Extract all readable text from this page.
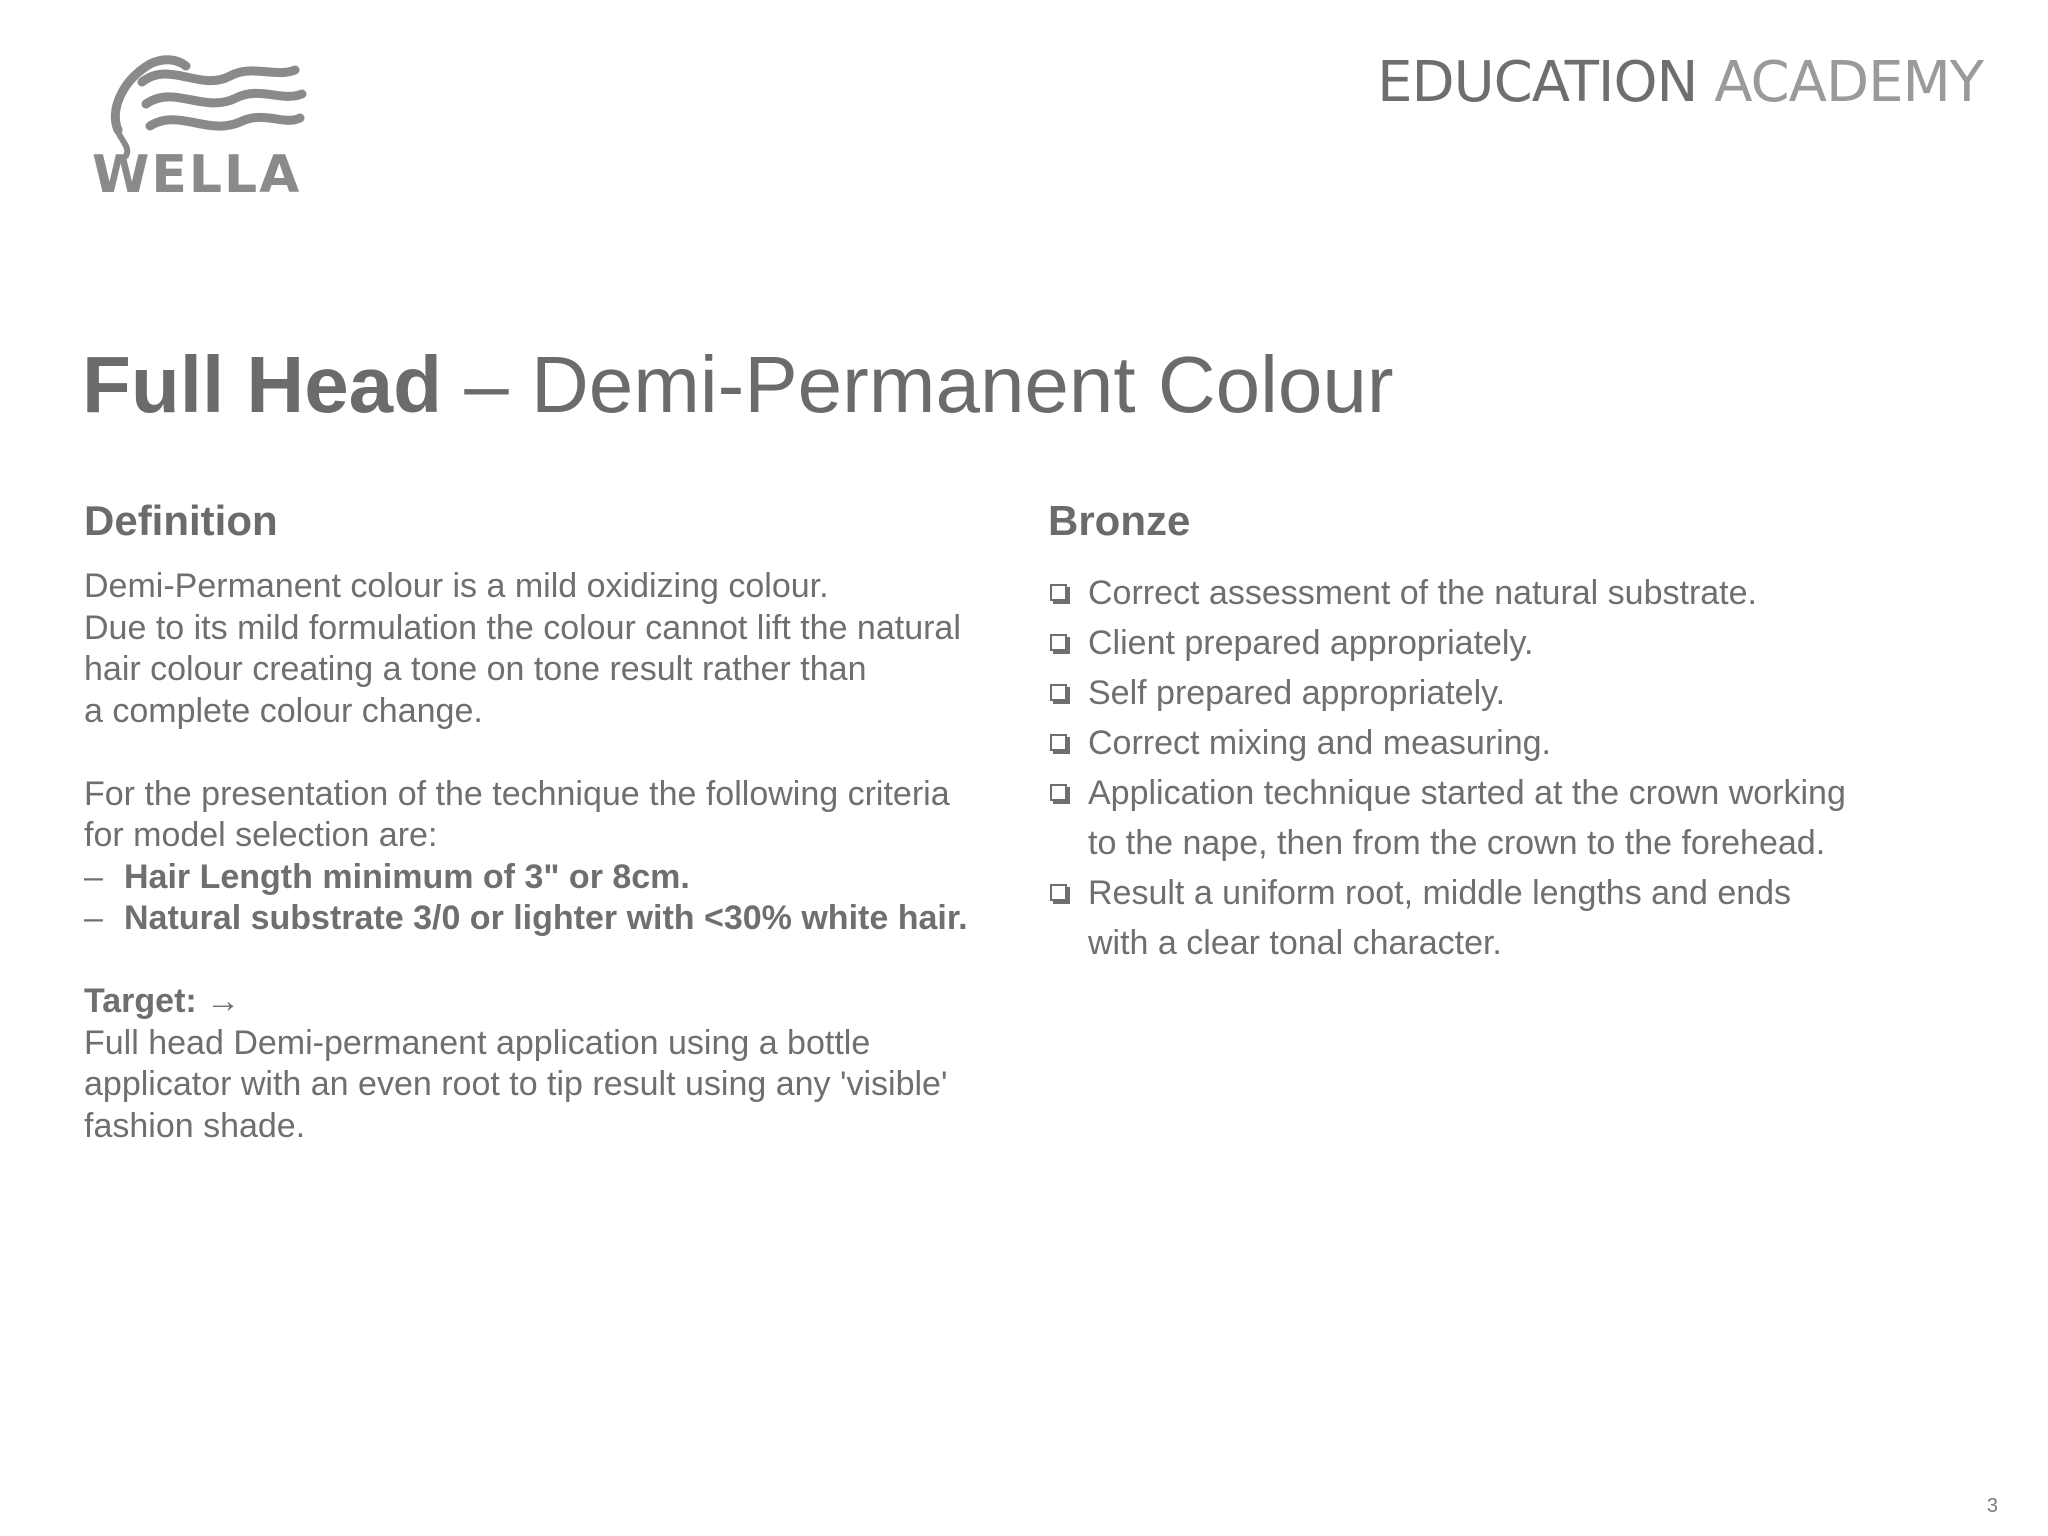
WELLA
EDUCATION ACADEMY
Full Head – Demi-Permanent Colour
Definition
Demi-Permanent colour is a mild oxidizing colour.
Due to its mild formulation the colour cannot lift the natural
hair colour creating a tone on tone result rather than
a complete colour change.
For the presentation of the technique the following criteria
for model selection are:
– Hair Length minimum of 3" or 8cm.
– Natural substrate 3/0 or lighter with <30% white hair.
Target: →
Full head Demi-permanent application using a bottle
applicator with an even root to tip result using any 'visible'
fashion shade.
Bronze
Correct assessment of the natural substrate.
Client prepared appropriately.
Self prepared appropriately.
Correct mixing and measuring.
Application technique started at the crown working
to the nape, then from the crown to the forehead.
Result a uniform root, middle lengths and ends
with a clear tonal character.
3
